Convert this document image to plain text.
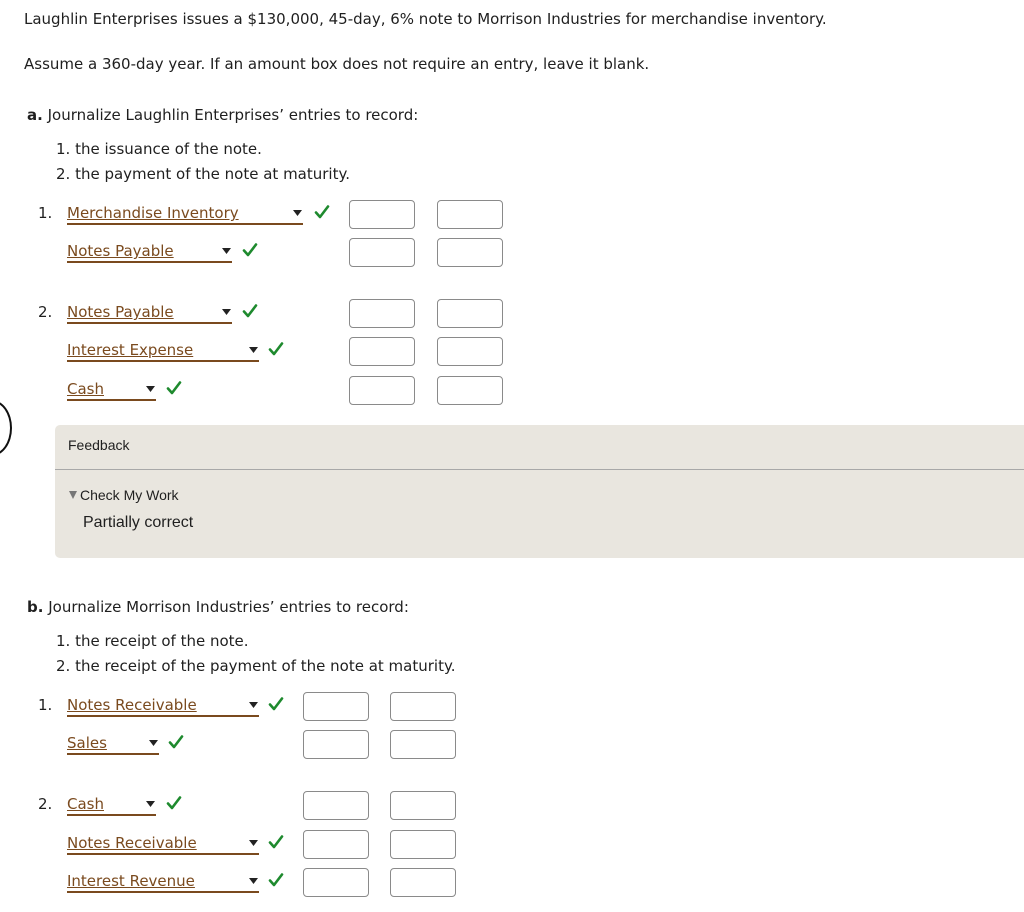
Laughlin Enterprises issues a $130,000, 45-day, 6% note to Morrison Industries for merchandise inventory.
Assume a 360-day year. If an amount box does not require an entry, leave it blank.
a. Journalize Laughlin Enterprises’ entries to record:
1. the issuance of the note.
2. the payment of the note at maturity.
1.
2.
Merchandise Inventory
Notes Payable
Notes Payable
Interest Expense
Cash
Feedback
Check My Work
Partially correct
b. Journalize Morrison Industries’ entries to record:
1. the receipt of the note.
2. the receipt of the payment of the note at maturity.
1.
2.
Notes Receivable
Sales
Cash
Notes Receivable
Interest Revenue
